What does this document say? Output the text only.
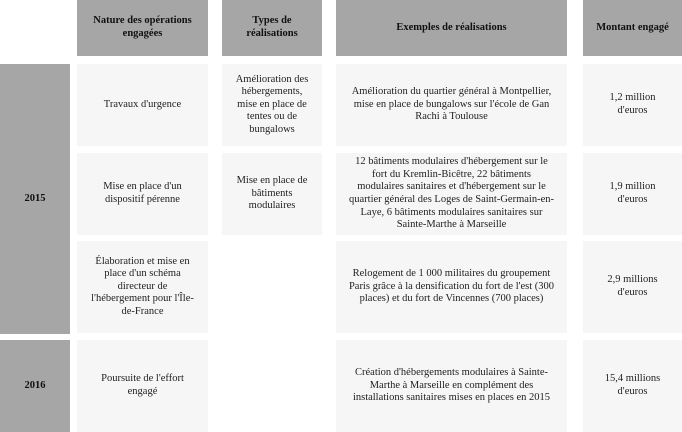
Nature des opérations engagées
Types de réalisations
Exemples de réalisations	Montant engagé
2015
2016
Travaux d'urgence
Amélioration des hébergements, mise en place de tentes ou de bungalows
Amélioration du quartier général à Montpellier, mise en place de bungalows sur l'école de Gan Rachi à Toulouse
1,2 million d'euros
Mise en place d'un dispositif pérenne
Mise en place de bâtiments modulaires
12 bâtiments modulaires d'hébergement sur le fort du Kremlin-Bicêtre, 22 bâtiments modulaires sanitaires et d'hébergement sur le quartier général des Loges de Saint-Germain-en-Laye, 6 bâtiments modulaires sanitaires sur Sainte-Marthe à Marseille
1,9 million d'euros
Élaboration et mise en place d'un schéma directeur de l'hébergement pour l'Île-de-France
Relogement de 1 000 militaires du groupement Paris grâce à la densification du fort de l'est (300 places) et du fort de Vincennes (700 places)
2,9 millions d'euros
Poursuite de l'effort engagé
Création d'hébergements modulaires à Sainte-Marthe à Marseille en complément des installations sanitaires mises en places en 2015
15,4 millions d'euros
